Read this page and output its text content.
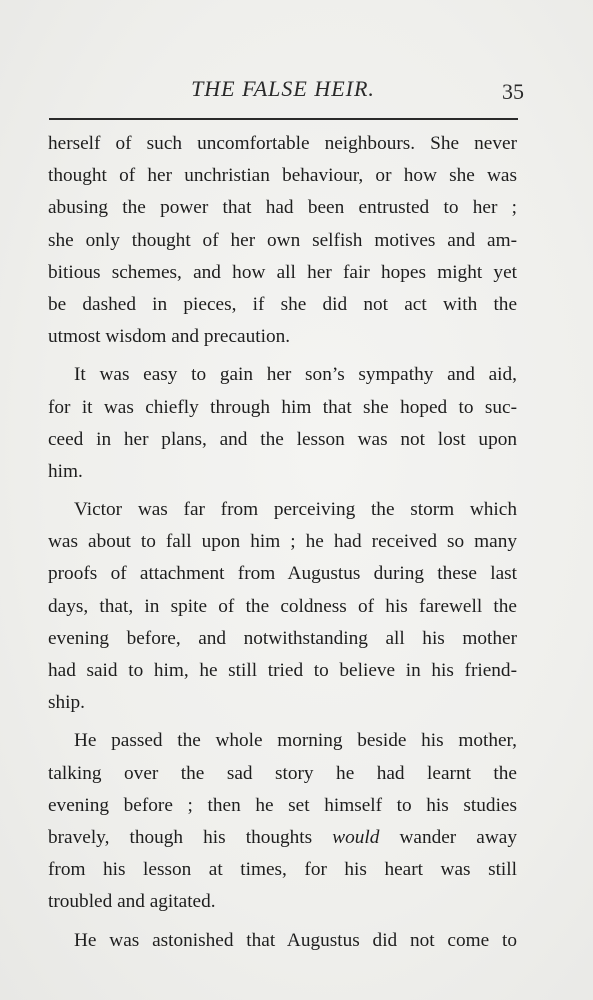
THE FALSE HEIR.	35
herself of such uncomfortable neighbours. She never
thought of her unchristian behaviour, or how she was
abusing the power that had been entrusted to her ;
she only thought of her own selfish motives and am-
bitious schemes, and how all her fair hopes might yet
be dashed in pieces, if she did not act with the
utmost wisdom and precaution.
It was easy to gain her son’s sympathy and aid,
for it was chiefly through him that she hoped to suc-
ceed in her plans, and the lesson was not lost upon
him.
Victor was far from perceiving the storm which
was about to fall upon him ; he had received so many
proofs of attachment from Augustus during these last
days, that, in spite of the coldness of his farewell the
evening before, and notwithstanding all his mother
had said to him, he still tried to believe in his friend-
ship.
He passed the whole morning beside his mother,
talking over the sad story he had learnt the
evening before ; then he set himself to his studies
bravely, though his thoughts would wander away
from his lesson at times, for his heart was still
troubled and agitated.
He was astonished that Augustus did not come to
